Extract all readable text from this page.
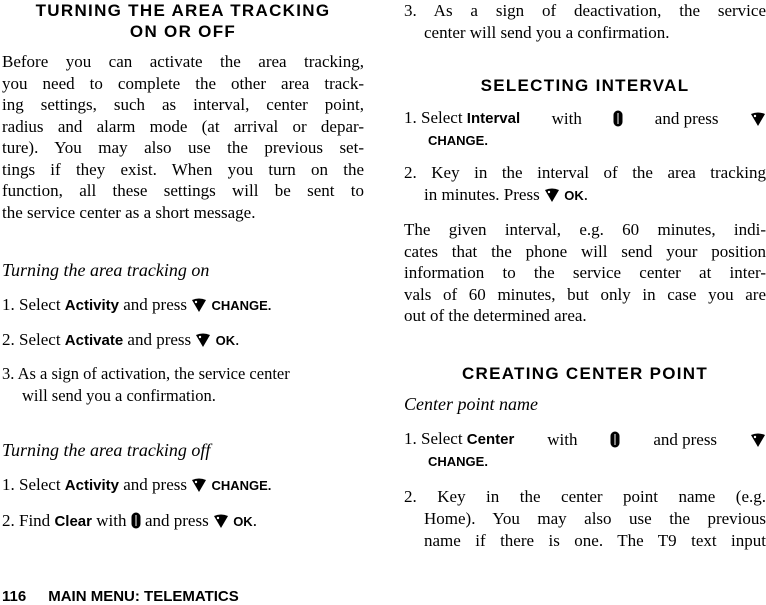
TURNING THE AREA TRACKING
ON OR OFF
Before you can activate the area tracking,
you need to complete the other area track-
ing settings, such as interval, center point,
radius and alarm mode (at arrival or depar-
ture). You may also use the previous set-
tings if they exist. When you turn on the
function, all these settings will be sent to
the service center as a short message.
Turning the area tracking on
1. Select Activity and press  CHANGE.
2. Select Activate and press  OK.
3. As a sign of activation, the service center
will send you a confirmation.
Turning the area tracking off
1. Select Activity and press  CHANGE.
2. Find Clear with  and press  OK.
3. As a sign of deactivation, the service
center will send you a confirmation.
SELECTING INTERVAL
1. Select Interval with	and press
CHANGE.
2. Key in the interval of the area tracking
in minutes. Press  OK.
The given interval, e.g. 60 minutes, indi-
cates that the phone will send your position
information to the service center at inter-
vals of 60 minutes, but only in case you are
out of the determined area.
CREATING CENTER POINT
Center point name
1. Select Center with	and press
CHANGE.
2. Key in the center point name (e.g.
Home). You may also use the previous
name if there is one. The T9 text input
116 MAIN MENU: TELEMATICS
